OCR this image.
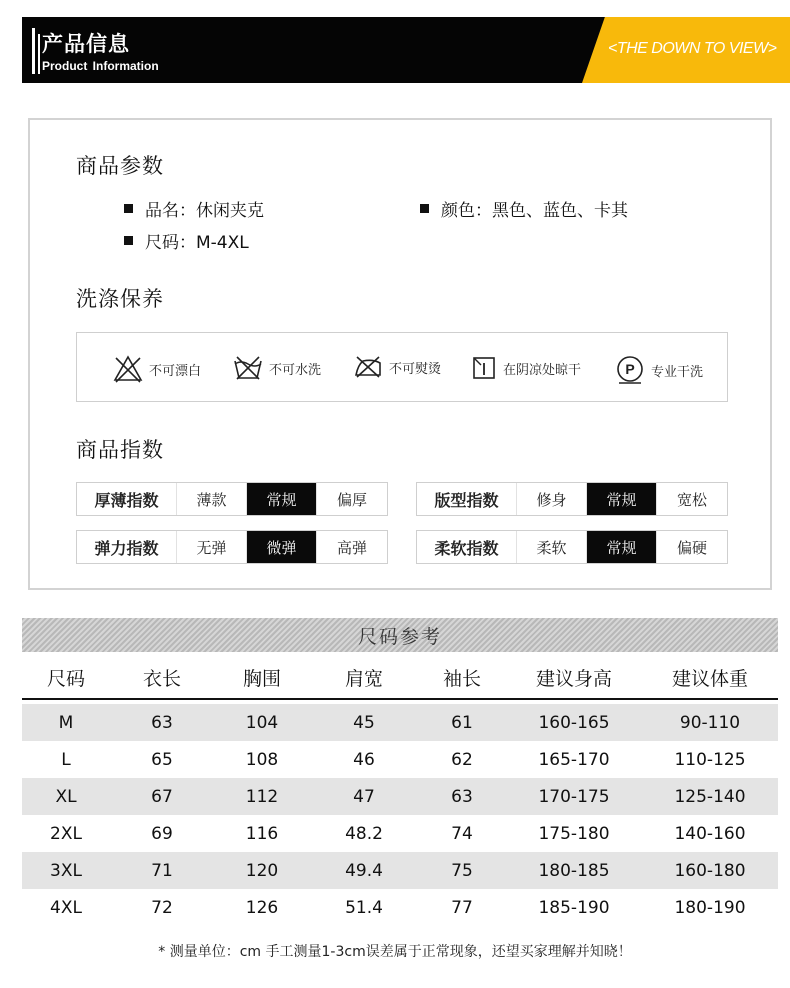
产品信息
Product Information
<THE DOWN TO VIEW>
商品参数
品名：休闲夹克	颜色：黑色、蓝色、卡其
尺码：M-4XL
洗涤保养
不可漂白	不可水洗	不可熨烫	在阴凉处晾干	P 专业干洗
商品指数
厚薄指数	薄款	常规	偏厚	版型指数	修身	常规	宽松
弹力指数	无弹	微弹	高弹	柔软指数	柔软	常规	偏硬
尺码参考
尺码	衣长	胸围	肩宽	袖长	建议身高	建议体重
M	63	104	45	61	160-165	90-110
L	65	108	46	62	165-170	110-125
XL	67	112	47	63	170-175	125-140
2XL	69	116	48.2	74	175-180	140-160
3XL	71	120	49.4	75	180-185	160-180
4XL	72	126	51.4	77	185-190	180-190
* 测量单位：cm 手工测量1-3cm误差属于正常现象，还望买家理解并知晓！
